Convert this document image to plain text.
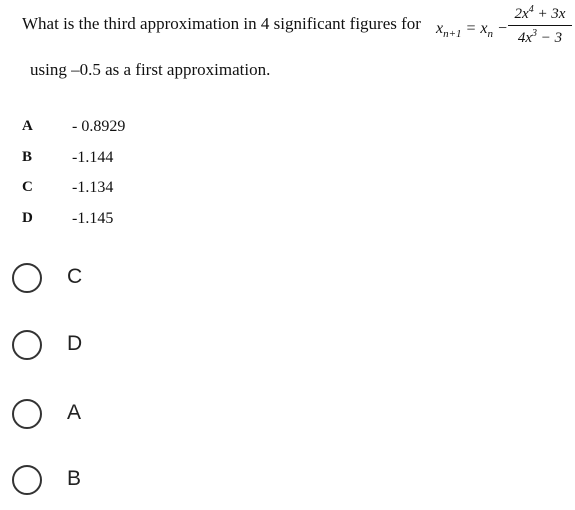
What is the third approximation in 4 significant figures for $x_{n+1} = x_n - \frac{2x^4 + 3x}{4x^3 - 3}$
using –0.5 as a first approximation.
A - 0.8929
B -1.144
C -1.134
D -1.145
C
D
A
B
